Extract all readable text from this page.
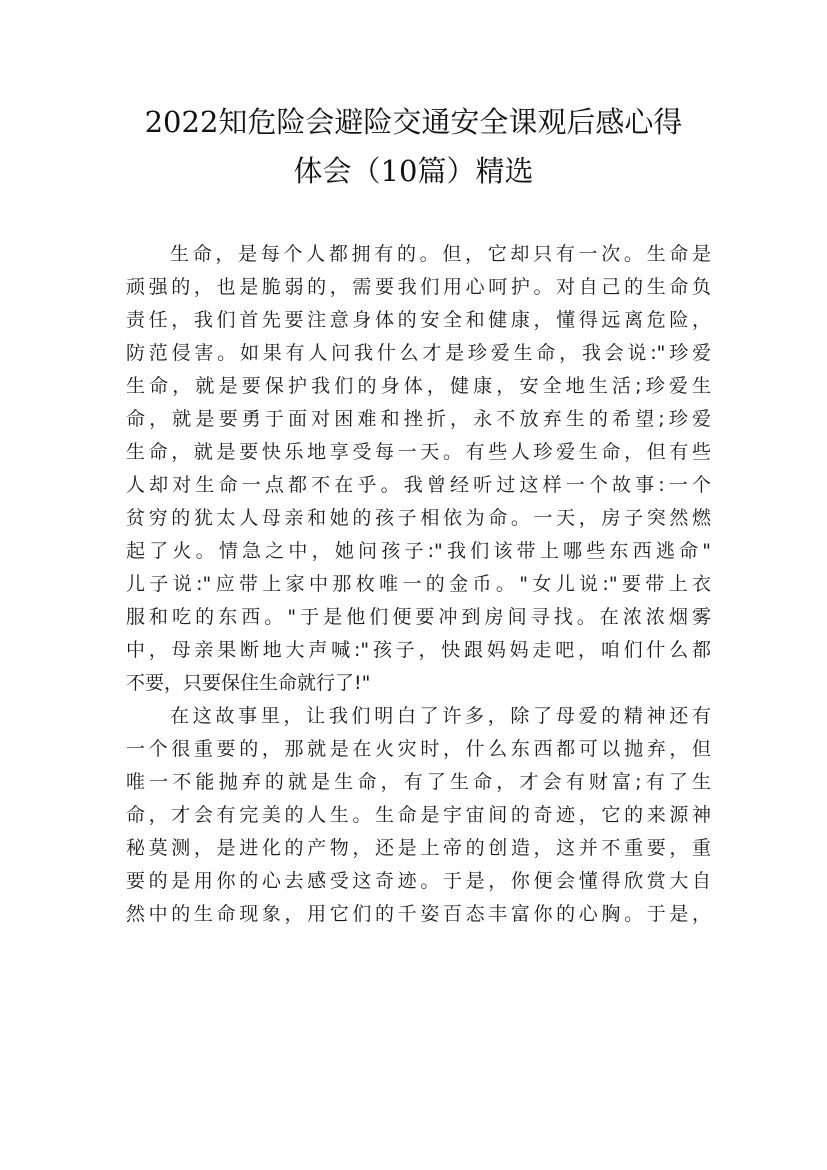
2022知危险会避险交通安全课观后感心得
体会（10篇）精选
生命，是每个人都拥有的。但，它却只有一次。生命是
顽强的，也是脆弱的，需要我们用心呵护。对自己的生命负
责任，我们首先要注意身体的安全和健康，懂得远离危险，
防范侵害。如果有人问我什么才是珍爱生命，我会说:"珍爱
生命，就是要保护我们的身体，健康，安全地生活;珍爱生
命，就是要勇于面对困难和挫折，永不放弃生的希望;珍爱
生命，就是要快乐地享受每一天。有些人珍爱生命，但有些
人却对生命一点都不在乎。我曾经听过这样一个故事:一个
贫穷的犹太人母亲和她的孩子相依为命。一天，房子突然燃
起了火。情急之中，她问孩子:"我们该带上哪些东西逃命"
儿子说:"应带上家中那枚唯一的金币。"女儿说:"要带上衣
服和吃的东西。"于是他们便要冲到房间寻找。在浓浓烟雾
中，母亲果断地大声喊:"孩子，快跟妈妈走吧，咱们什么都
不要，只要保住生命就行了!"
在这故事里，让我们明白了许多，除了母爱的精神还有
一个很重要的，那就是在火灾时，什么东西都可以抛弃，但
唯一不能抛弃的就是生命，有了生命，才会有财富;有了生
命，才会有完美的人生。生命是宇宙间的奇迹，它的来源神
秘莫测，是进化的产物，还是上帝的创造，这并不重要，重
要的是用你的心去感受这奇迹。于是，你便会懂得欣赏大自
然中的生命现象，用它们的千姿百态丰富你的心胸。于是，
